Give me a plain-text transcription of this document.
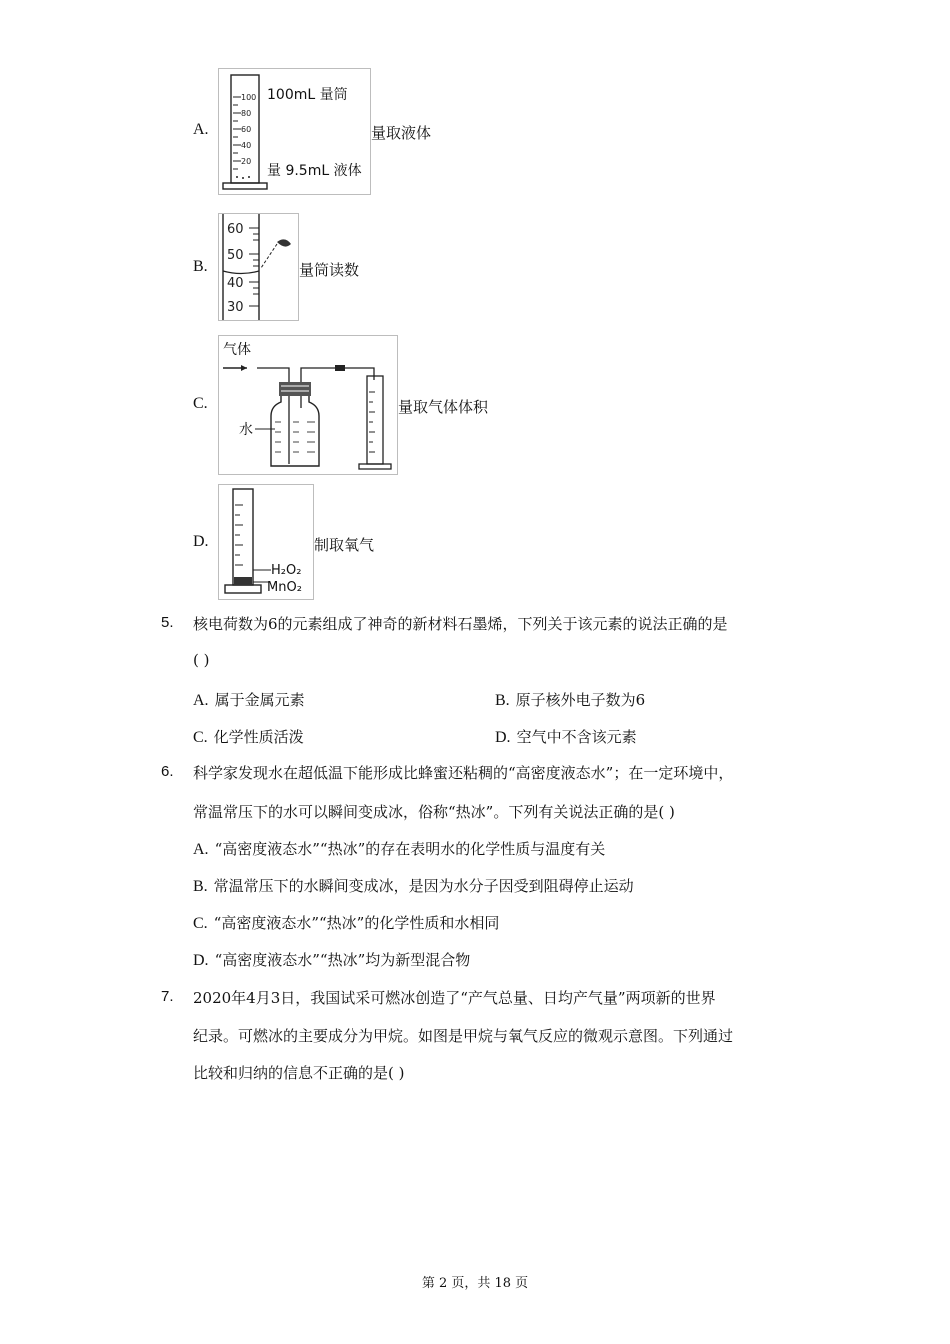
A.
100
80
60
40
20
100mL 量筒
量 9.5mL 液体
量取液体
B.
60
50
40
30
量筒读数
C.
气体
水
量取气体体积
D.
H₂O₂
MnO₂
制取氧气
5. 核电荷数为6的元素组成了神奇的新材料石墨烯，下列关于该元素的说法正确的是
( )
A. 属于金属元素	B. 原子核外电子数为6
C. 化学性质活泼	D. 空气中不含该元素
6. 科学家发现水在超低温下能形成比蜂蜜还粘稠的“高密度液态水”；在一定环境中，
常温常压下的水可以瞬间变成冰，俗称“热冰”。下列有关说法正确的是( )
A. “高密度液态水”“热冰”的存在表明水的化学性质与温度有关
B. 常温常压下的水瞬间变成冰，是因为水分子因受到阻碍停止运动
C. “高密度液态水”“热冰”的化学性质和水相同
D. “高密度液态水”“热冰”均为新型混合物
7. 2020年4月3日，我国试采可燃冰创造了“产气总量、日均产气量”两项新的世界
纪录。可燃冰的主要成分为甲烷。如图是甲烷与氧气反应的微观示意图。下列通过
比较和归纳的信息不正确的是( )
第 2 页，共 18 页
